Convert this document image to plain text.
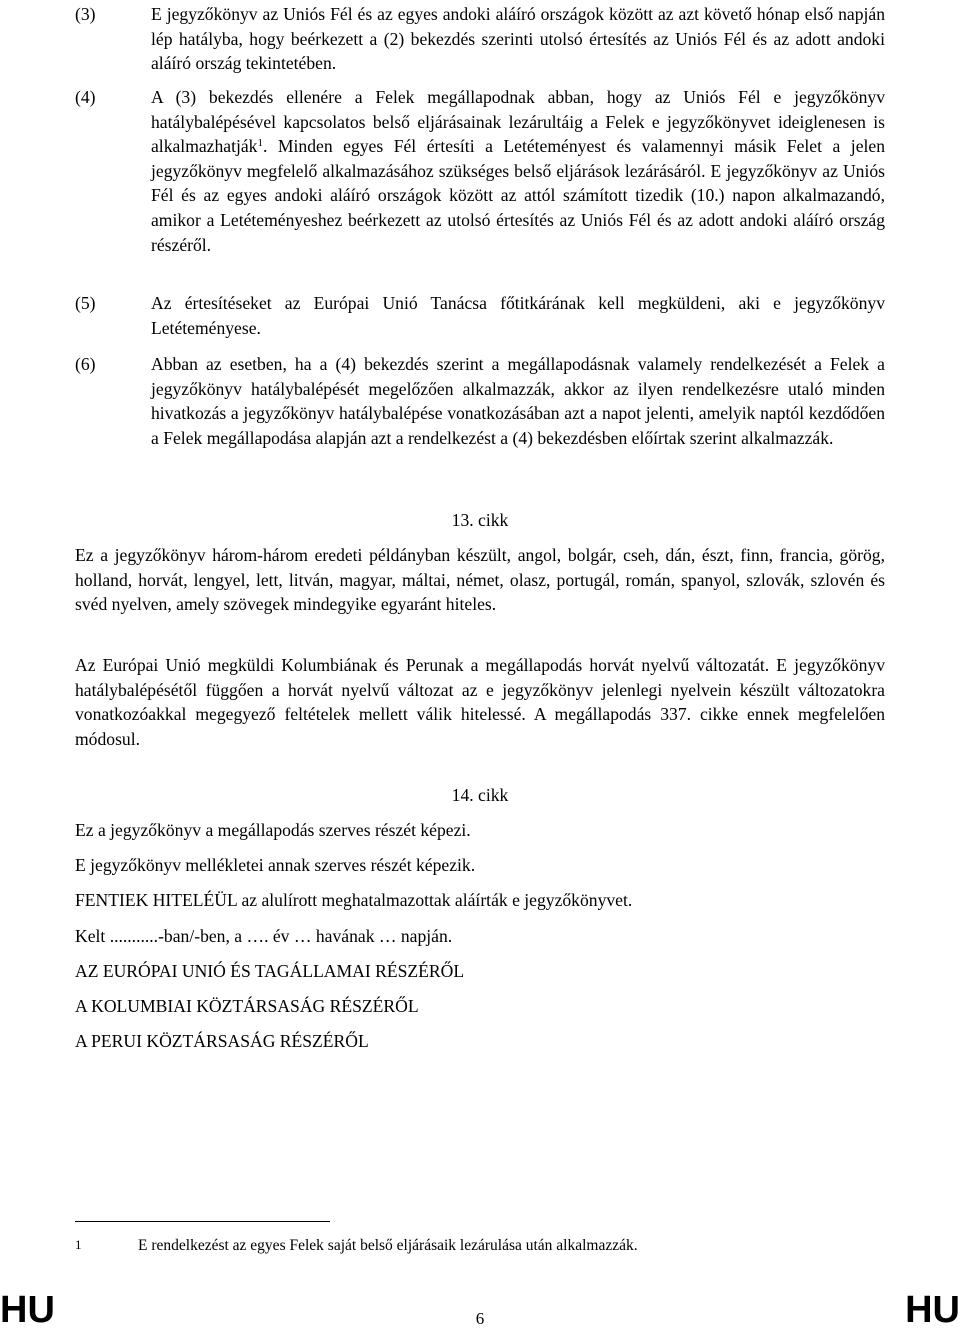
(3)	E jegyzőkönyv az Uniós Fél és az egyes andoki aláíró országok között az azt követő hónap első napján lép hatályba, hogy beérkezett a (2) bekezdés szerinti utolsó értesítés az Uniós Fél és az adott andoki aláíró ország tekintetében.
(4)	A (3) bekezdés ellenére a Felek megállapodnak abban, hogy az Uniós Fél e jegyzőkönyv hatálybalépésével kapcsolatos belső eljárásainak lezárultáig a Felek e jegyzőkönyvet ideiglenesen is alkalmazhatják$^1$. Minden egyes Fél értesíti a Letéteményest és valamennyi másik Felet a jelen jegyzőkönyv megfelelő alkalmazásához szükséges belső eljárások lezárásáról. E jegyzőkönyv az Uniós Fél és az egyes andoki aláíró országok között az attól számított tizedik (10.) napon alkalmazandó, amikor a Letéteményeshez beérkezett az utolsó értesítés az Uniós Fél és az adott andoki aláíró ország részéről.
(5)	Az értesítéseket az Európai Unió Tanácsa főtitkárának kell megküldeni, aki e jegyzőkönyv Letéteményese.
(6)	Abban az esetben, ha a (4) bekezdés szerint a megállapodásnak valamely rendelkezését a Felek a jegyzőkönyv hatálybalépését megelőzően alkalmazzák, akkor az ilyen rendelkezésre utaló minden hivatkozás a jegyzőkönyv hatálybalépése vonatkozásában azt a napot jelenti, amelyik naptól kezdődően a Felek megállapodása alapján azt a rendelkezést a (4) bekezdésben előírtak szerint alkalmazzák.
13. cikk
Ez a jegyzőkönyv három-három eredeti példányban készült, angol, bolgár, cseh, dán, észt, finn, francia, görög, holland, horvát, lengyel, lett, litván, magyar, máltai, német, olasz, portugál, román, spanyol, szlovák, szlovén és svéd nyelven, amely szövegek mindegyike egyaránt hiteles.
Az Európai Unió megküldi Kolumbiának és Perunak a megállapodás horvát nyelvű változatát. E jegyzőkönyv hatálybalépésétől függően a horvát nyelvű változat az e jegyzőkönyv jelenlegi nyelvein készült változatokra vonatkozóakkal megegyező feltételek mellett válik hitelessé. A megállapodás 337. cikke ennek megfelelően módosul.
14. cikk
Ez a jegyzőkönyv a megállapodás szerves részét képezi.
E jegyzőkönyv mellékletei annak szerves részét képezik.
FENTIEK HITELÉÜL az alulírott meghatalmazottak aláírták e jegyzőkönyvet.
Kelt ...........-ban/-ben, a …. év … havának … napján.
AZ EURÓPAI UNIÓ ÉS TAGÁLLAMAI RÉSZÉRŐL
A KOLUMBIAI KÖZTÁRSASÁG RÉSZÉRŐL
A PERUI KÖZTÁRSASÁG RÉSZÉRŐL
1	E rendelkezést az egyes Felek saját belső eljárásaik lezárulása után alkalmazzák.
HU	6	HU
